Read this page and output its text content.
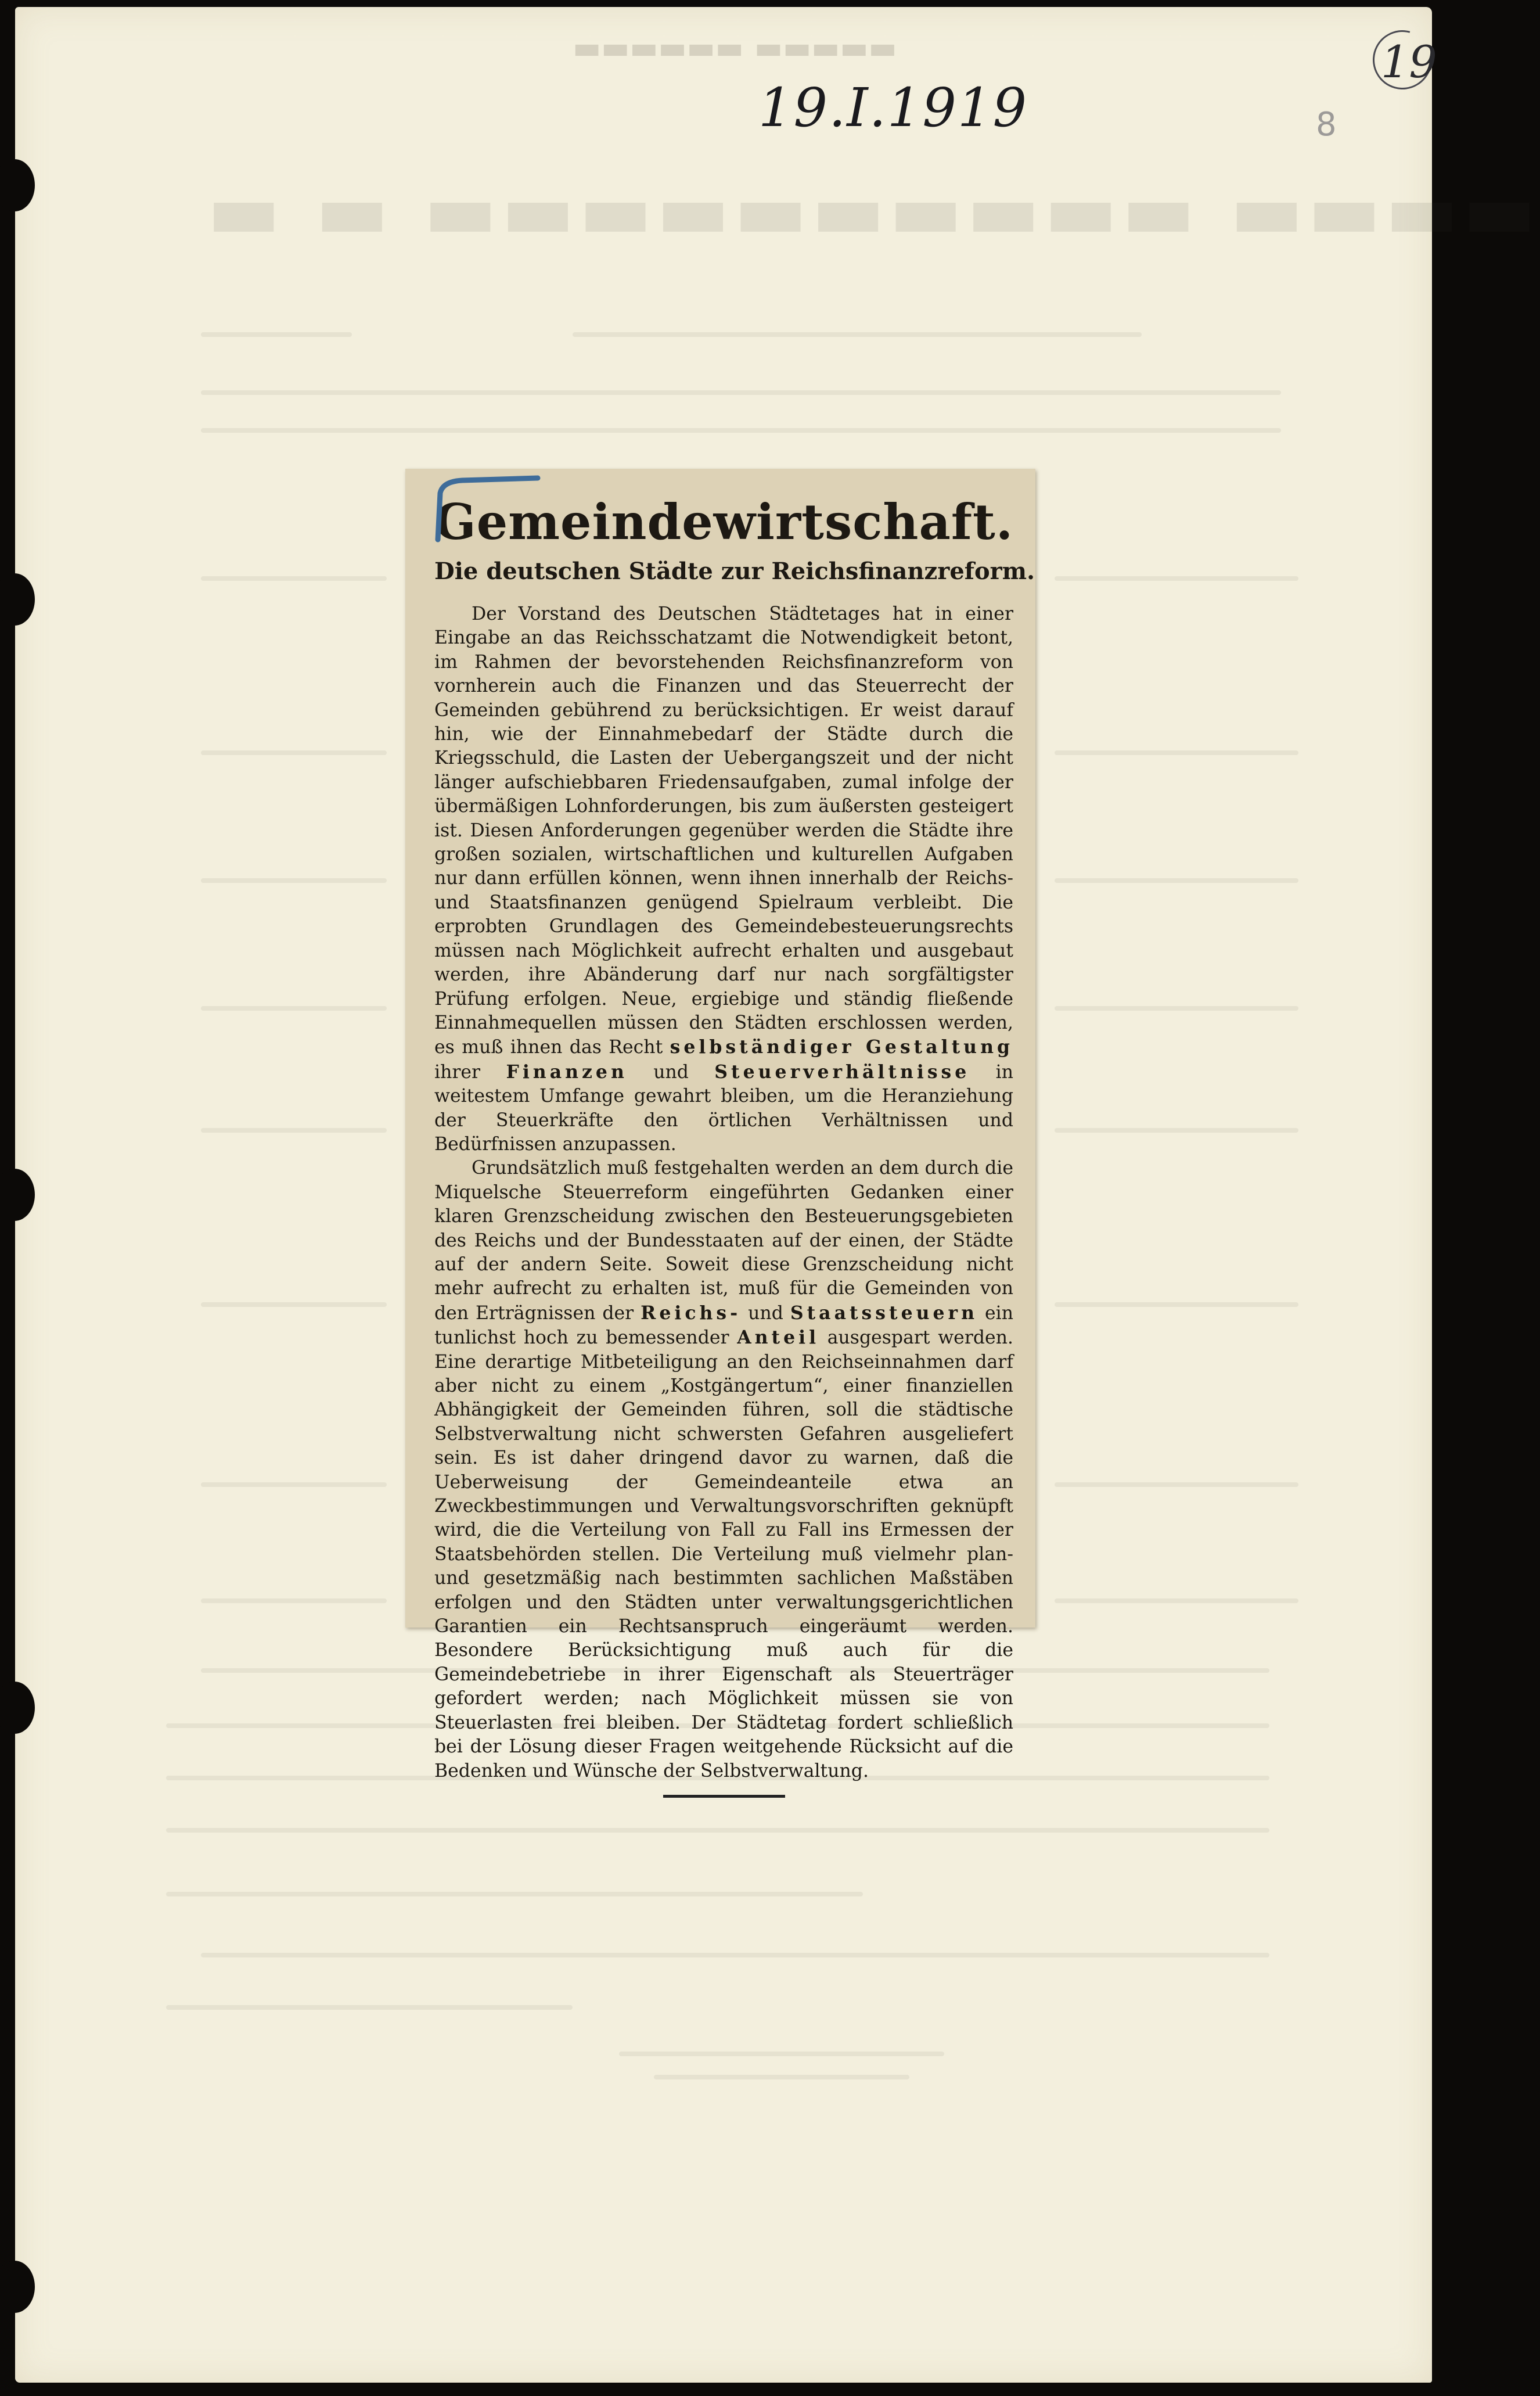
▬▬▬▬▬▬ ▬▬▬▬▬
▬ ▬ ▬▬▬▬▬▬▬▬▬▬ ▬▬▬▬
19.I.1919
19
8
Gemeindewirtschaft.
Die deutschen Städte zur Reichsfinanzreform.

Der Vorstand des Deutschen Städtetages hat in einer Eingabe an das Reichsschatzamt die Notwendigkeit betont, im Rahmen der bevorstehenden Reichsfinanzreform von vornherein auch die Finanzen und das Steuerrecht der Gemeinden gebührend zu berücksichtigen. Er weist darauf hin, wie der Einnahmebedarf der Städte durch die Kriegsschuld, die Lasten der Uebergangszeit und der nicht länger aufschiebbaren Friedensaufgaben, zumal infolge der übermäßigen Lohnforderungen, bis zum äußersten gesteigert ist. Diesen Anforderungen gegenüber werden die Städte ihre großen sozialen, wirtschaftlichen und kulturellen Aufgaben nur dann erfüllen können, wenn ihnen innerhalb der Reichs- und Staatsfinanzen genügend Spielraum verbleibt. Die erprobten Grundlagen des Gemeindebesteuerungsrechts müssen nach Möglichkeit aufrecht erhalten und ausgebaut werden, ihre Abänderung darf nur nach sorgfältigster Prüfung erfolgen. Neue, ergiebige und ständig fließende Einnahmequellen müssen den Städten erschlossen werden, es muß ihnen das Recht selbständiger Gestaltung ihrer Finanzen und Steuerverhältnisse in weitestem Umfange gewahrt bleiben, um die Heranziehung der Steuerkräfte den örtlichen Verhältnissen und Bedürfnissen anzupassen.

Grundsätzlich muß festgehalten werden an dem durch die Miquelsche Steuerreform eingeführten Gedanken einer klaren Grenzscheidung zwischen den Besteuerungsgebieten des Reichs und der Bundesstaaten auf der einen, der Städte auf der andern Seite. Soweit diese Grenzscheidung nicht mehr aufrecht zu erhalten ist, muß für die Gemeinden von den Erträgnissen der Reichs- und Staatssteuern ein tunlichst hoch zu bemessender Anteil ausgespart werden. Eine derartige Mitbeteiligung an den Reichseinnahmen darf aber nicht zu einem „Kostgängertum“, einer finanziellen Abhängigkeit der Gemeinden führen, soll die städtische Selbstverwaltung nicht schwersten Gefahren ausgeliefert sein. Es ist daher dringend davor zu warnen, daß die Ueberweisung der Gemeindeanteile etwa an Zweckbestimmungen und Verwaltungsvorschriften geknüpft wird, die die Verteilung von Fall zu Fall ins Ermessen der Staatsbehörden stellen. Die Verteilung muß vielmehr plan- und gesetzmäßig nach bestimmten sachlichen Maßstäben erfolgen und den Städten unter verwaltungsgerichtlichen Garantien ein Rechtsanspruch eingeräumt werden. Besondere Berücksichtigung muß auch für die Gemeindebetriebe in ihrer Eigenschaft als Steuerträger gefordert werden; nach Möglichkeit müssen sie von Steuerlasten frei bleiben. Der Städtetag fordert schließlich bei der Lösung dieser Fragen weitgehende Rücksicht auf die Bedenken und Wünsche der Selbstverwaltung.
